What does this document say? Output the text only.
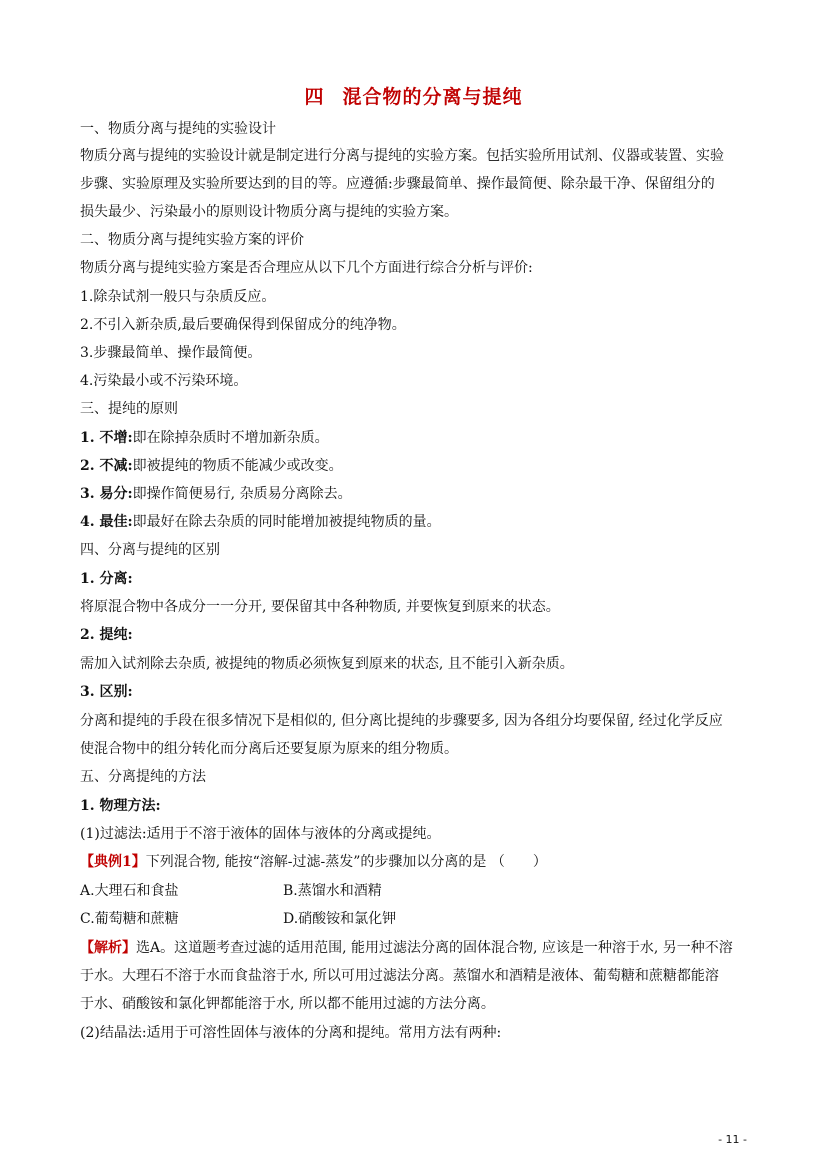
四 混合物的分离与提纯
一、物质分离与提纯的实验设计
物质分离与提纯的实验设计就是制定进行分离与提纯的实验方案。包括实验所用试剂、仪器或装置、实验
步骤、实验原理及实验所要达到的目的等。应遵循:步骤最简单、操作最简便、除杂最干净、保留组分的
损失最少、污染最小的原则设计物质分离与提纯的实验方案。
二、物质分离与提纯实验方案的评价
物质分离与提纯实验方案是否合理应从以下几个方面进行综合分析与评价:
1.除杂试剂一般只与杂质反应。
2.不引入新杂质,最后要确保得到保留成分的纯净物。
3.步骤最简单、操作最简便。
4.污染最小或不污染环境。
三、提纯的原则
1. 不增:即在除掉杂质时不增加新杂质。
2. 不减:即被提纯的物质不能减少或改变。
3. 易分:即操作简便易行, 杂质易分离除去。
4. 最佳:即最好在除去杂质的同时能增加被提纯物质的量。
四、分离与提纯的区别
1. 分离:
将原混合物中各成分一一分开, 要保留其中各种物质, 并要恢复到原来的状态。
2. 提纯:
需加入试剂除去杂质, 被提纯的物质必须恢复到原来的状态, 且不能引入新杂质。
3. 区别:
分离和提纯的手段在很多情况下是相似的, 但分离比提纯的步骤要多, 因为各组分均要保留, 经过化学反应
使混合物中的组分转化而分离后还要复原为原来的组分物质。
五、分离提纯的方法
1. 物理方法:
(1)过滤法:适用于不溶于液体的固体与液体的分离或提纯。
【典例1】下列混合物, 能按“溶解-过滤-蒸发”的步骤加以分离的是 （　　）
A.大理石和食盐	B.蒸馏水和酒精
C.葡萄糖和蔗糖	D.硝酸铵和氯化钾
【解析】选A。这道题考查过滤的适用范围, 能用过滤法分离的固体混合物, 应该是一种溶于水, 另一种不溶
于水。大理石不溶于水而食盐溶于水, 所以可用过滤法分离。蒸馏水和酒精是液体、葡萄糖和蔗糖都能溶
于水、硝酸铵和氯化钾都能溶于水, 所以都不能用过滤的方法分离。
(2)结晶法:适用于可溶性固体与液体的分离和提纯。常用方法有两种:
- 11 -
